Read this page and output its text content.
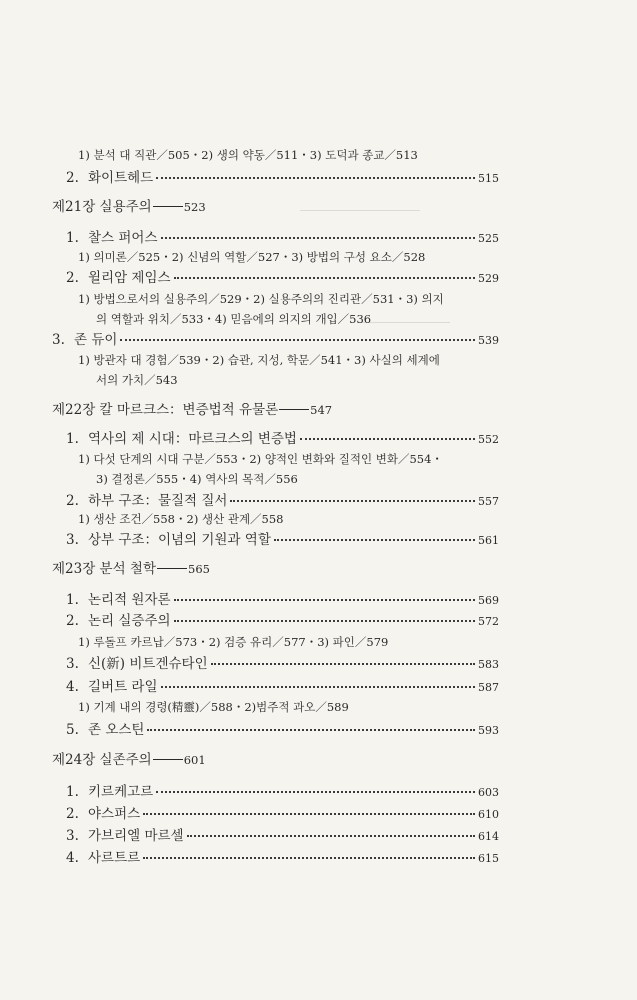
1) 분석 대 직관／505・2) 생의 약동／511・3) 도덕과 종교／513
2. 화이트헤드	515
제21장 실용주의	523
1. 찰스 퍼어스	525
1) 의미론／525・2) 신념의 역할／527・3) 방법의 구성 요소／528
2. 윌리암 제임스	529
1) 방법으로서의 실용주의／529・2) 실용주의의 진리관／531・3) 의지
의 역할과 위치／533・4) 믿음에의 의지의 개입／536
3. 존 듀이	539
1) 방관자 대 경험／539・2) 습관, 지성, 학문／541・3) 사실의 세계에
서의 가치／543
제22장 칼 마르크스：변증법적 유물론	547
1. 역사의 제 시대：마르크스의 변증법	552
1) 다섯 단계의 시대 구분／553・2) 양적인 변화와 질적인 변화／554・
3) 결정론／555・4) 역사의 목적／556
2. 하부 구조：물질적 질서	557
1) 생산 조건／558・2) 생산 관계／558
3. 상부 구조：이념의 기원과 역할	561
제23장 분석 철학	565
1. 논리적 원자론	569
2. 논리 실증주의	572
1) 루돌프 카르납／573・2) 검증 유리／577・3) 파인／579
3. 신(新) 비트겐슈타인	583
4. 길버트 라일	587
1) 기계 내의 경령(精靈)／588・2)범주적 과오／589
5. 존 오스틴	593
제24장 실존주의	601
1. 키르케고르	603
2. 야스퍼스	610
3. 가브리엘 마르셀	614
4. 사르트르	615
